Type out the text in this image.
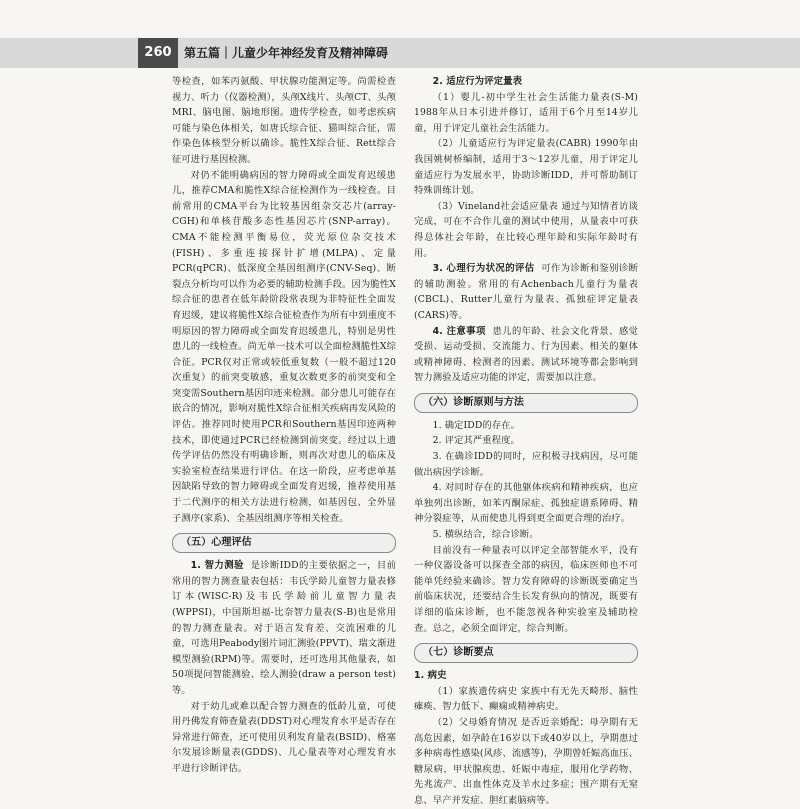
260	第五篇｜儿童少年神经发育及精神障碍

等检查，如苯丙氨酸、甲状腺功能测定等。尚需检查视力、听力（仪器检测），头颅X线片、头颅CT、头颅MRI、脑电图、脑地形图。遗传学检查，如考虑疾病可能与染色体相关，如唐氏综合征、猫叫综合征，需作染色体核型分析以确诊。脆性X综合征、Rett综合征可进行基因检测。

对仍不能明确病因的智力障碍或全面发育迟缓患儿，推荐CMA和脆性X综合征检测作为一线检查。目前常用的CMA平台为比较基因组杂交芯片(array-CGH)和单核苷酸多态性基因芯片(SNP-array)。CMA不能检测平衡易位，荧光原位杂交技术(FISH)、多重连接探针扩增(MLPA)、定量PCR(qPCR)、低深度全基因组测序(CNV-Seq)、断裂点分析均可以作为必要的辅助检测手段。因为脆性X综合征的患者在低年龄阶段常表现为非特征性全面发育迟缓，建议将脆性X综合征检查作为所有中到重度不明原因的智力障碍或全面发育迟缓患儿，特别是男性患儿的一线检查。尚无单一技术可以全面检测脆性X综合征。PCR仅对正常或较低重复数（一般不超过120次重复）的前突变敏感，重复次数更多的前突变和全突变需Southern基因印迹来检测。部分患儿可能存在嵌合的情况，影响对脆性X综合征相关疾病再发风险的评估。推荐同时使用PCR和Southern基因印迹两种技术，即使通过PCR已经检测到前突变。经过以上遗传学评估仍然没有明确诊断，则再次对患儿的临床及实验室检查结果进行评估。在这一阶段，应考虑单基因缺陷导致的智力障碍或全面发育迟缓，推荐使用基于二代测序的相关方法进行检测，如基因包、全外显子测序(家系)、全基因组测序等相关检查。

（五）心理评估

1. 智力测验 是诊断IDD的主要依据之一，目前常用的智力测查量表包括：韦氏学龄儿童智力量表修订本(WISC-R)及韦氏学龄前儿童智力量表(WPPSI)，中国斯坦福-比奈智力量表(S-B)也是常用的智力测查量表。对于语言发育差、交流困难的儿童，可选用Peabody图片词汇测验(PPVT)、瑞文渐进模型测验(RPM)等。需要时，还可选用其他量表，如50项提问智能测验、绘人测验(draw a person test)等。

对于幼儿或难以配合智力测查的低龄儿童，可使用丹佛发育筛查量表(DDST)对心理发育水平是否存在异常进行筛查，还可使用贝利发育量表(BSID)、格塞尔发展诊断量表(GDDS)、儿心量表等对心理发育水平进行诊断评估。

2. 适应行为评定量表

（1）婴儿-初中学生社会生活能力量表(S-M) 1988年从日本引进并修订，适用于6个月至14岁儿童，用于评定儿童社会生活能力。

（2）儿童适应行为评定量表(CABR) 1990年由我国姚树桥编制，适用于3～12岁儿童，用于评定儿童适应行为发展水平，协助诊断IDD，并可帮助制订特殊训练计划。

（3）Vineland社会适应量表 通过与知情者访谈完成，可在不合作儿童的测试中使用，从量表中可获得总体社会年龄，在比较心理年龄和实际年龄时有用。

3. 心理行为状况的评估 可作为诊断和鉴别诊断的辅助测验。常用的有Achenbach儿童行为量表(CBCL)、Rutter儿童行为量表、孤独症评定量表(CARS)等。

4. 注意事项 患儿的年龄、社会文化背景、感觉受损、运动受损、交流能力、行为因素、相关的躯体或精神障碍、检测者的因素、测试环境等都会影响到智力测验及适应功能的评定，需要加以注意。

（六）诊断原则与方法

1. 确定IDD的存在。

2. 评定其严重程度。

3. 在确诊IDD的同时，应积极寻找病因，尽可能做出病因学诊断。

4. 对同时存在的其他躯体疾病和精神疾病，也应单独列出诊断，如苯丙酮尿症、孤独症谱系障碍、精神分裂症等，从而使患儿得到更全面更合理的治疗。

5. 横纵结合，综合诊断。

目前没有一种量表可以评定全部智能水平，没有一种仪器设备可以探查全部的病因，临床医师也不可能单凭经验来确诊。智力发育障碍的诊断既要确定当前临床状况，还要结合生长发育纵向的情况，既要有详细的临床诊断，也不能忽视各种实验室及辅助检查。总之，必须全面评定，综合判断。

（七）诊断要点

1. 病史

（1）家族遗传病史 家族中有无先天畸形、脑性瘫痪、智力低下、癫痫或精神病史。

（2）父母婚育情况 是否近亲婚配；母孕期有无高危因素，如孕龄在16岁以下或40岁以上，孕期患过多种病毒性感染(风疹、流感等)，孕期曾妊娠高血压、糖尿病、甲状腺疾患、妊娠中毒症，服用化学药物、先兆流产、出血性体克及羊水过多症；围产期有无窒息、早产并发症、胆红素脑病等。
